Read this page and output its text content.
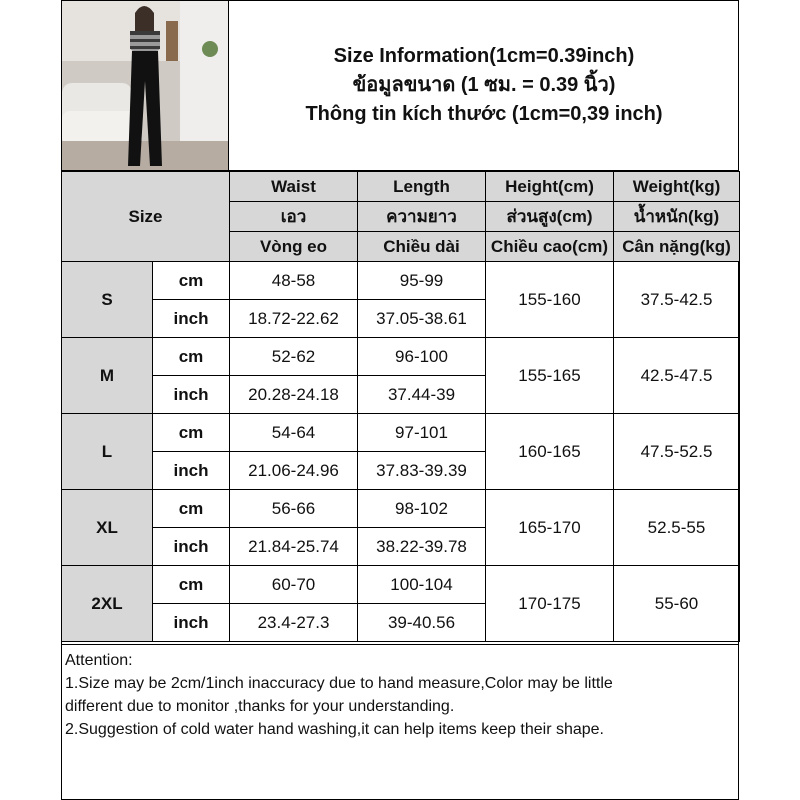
Size Information(1cm=0.39inch)
ข้อมูลขนาด (1 ซม. = 0.39 นิ้ว)
Thông tin kích thước (1cm=0,39 inch)
Size		Waist	Length	Height(cm)	Weight(kg)
		เอว	ความยาว	ส่วนสูง(cm)	น้ำหนัก(kg)
		Vòng eo	Chiều dài	Chiều cao(cm)	Cân nặng(kg)
S	cm	48-58	95-99	155-160	37.5-42.5
	inch	18.72-22.62	37.05-38.61		
M	cm	52-62	96-100	155-165	42.5-47.5
	inch	20.28-24.18	37.44-39		
L	cm	54-64	97-101	160-165	47.5-52.5
	inch	21.06-24.96	37.83-39.39		
XL	cm	56-66	98-102	165-170	52.5-55
	inch	21.84-25.74	38.22-39.78		
2XL	cm	60-70	100-104	170-175	55-60
	inch	23.4-27.3	39-40.56		

Attention:

1.Size may be 2cm/1inch inaccuracy due to hand measure,Color may be little

different due to monitor ,thanks for your understanding.

2.Suggestion of cold water hand washing,it can help items keep their shape.
